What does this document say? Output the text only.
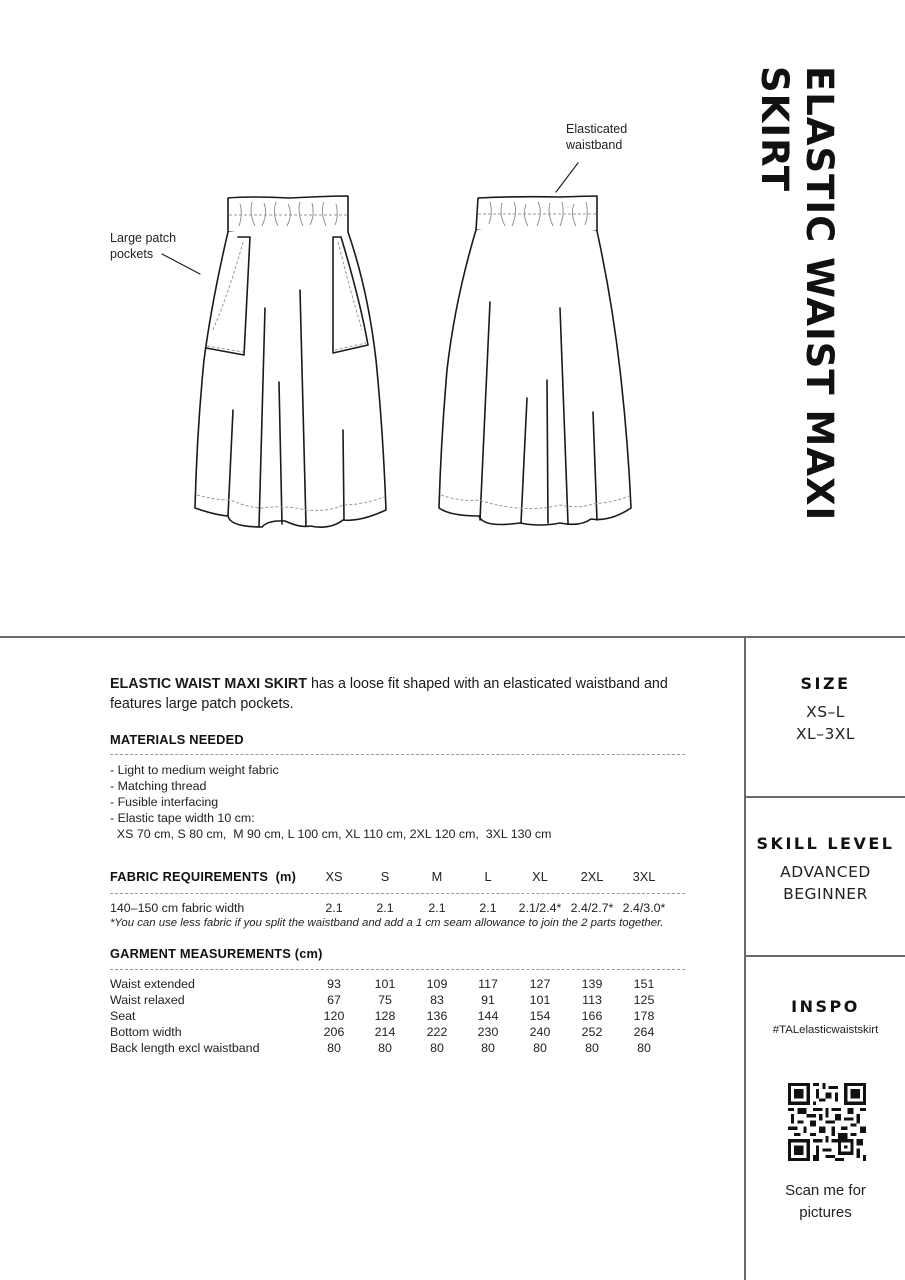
ELASTIC WAIST MAXI
SKIRT
Large patch
pockets
Elasticated
waistband

ELASTIC WAIST MAXI SKIRT has a loose fit shaped with an elasticated waistband and features large patch pockets.

MATERIALS NEEDED
- Light to medium weight fabric
- Matching thread
- Fusible interfacing
- Elastic tape width 10 cm:
XS 70 cm, S 80 cm,  M 90 cm, L 100 cm, XL 110 cm, 2XL 120 cm,  3XL 130 cm
FABRIC REQUIREMENTS  (m)	XS	S	M	L	XL	2XL	3XL
140–150 cm fabric width	2.1	2.1	2.1	2.1	2.1/2.4* 2.4/2.7* 2.4/3.0*
*You can use less fabric if you split the waistband and add a 1 cm seam allowance to join the 2 parts together.
GARMENT MEASUREMENTS (cm)
Waist extended	93	101	109	117	127	139	151
Waist relaxed	67	75	83	91	101	113	125
Seat	120	128	136	144	154	166	178
Bottom width	206	214	222	230	240	252	264
Back length excl waistband	80	80	80	80	80	80	80
SIZE
XS–L
XL–3XL
SKILL LEVEL
ADVANCED
BEGINNER
INSPO
#TALelasticwaistskirt
Scan me for
pictures
